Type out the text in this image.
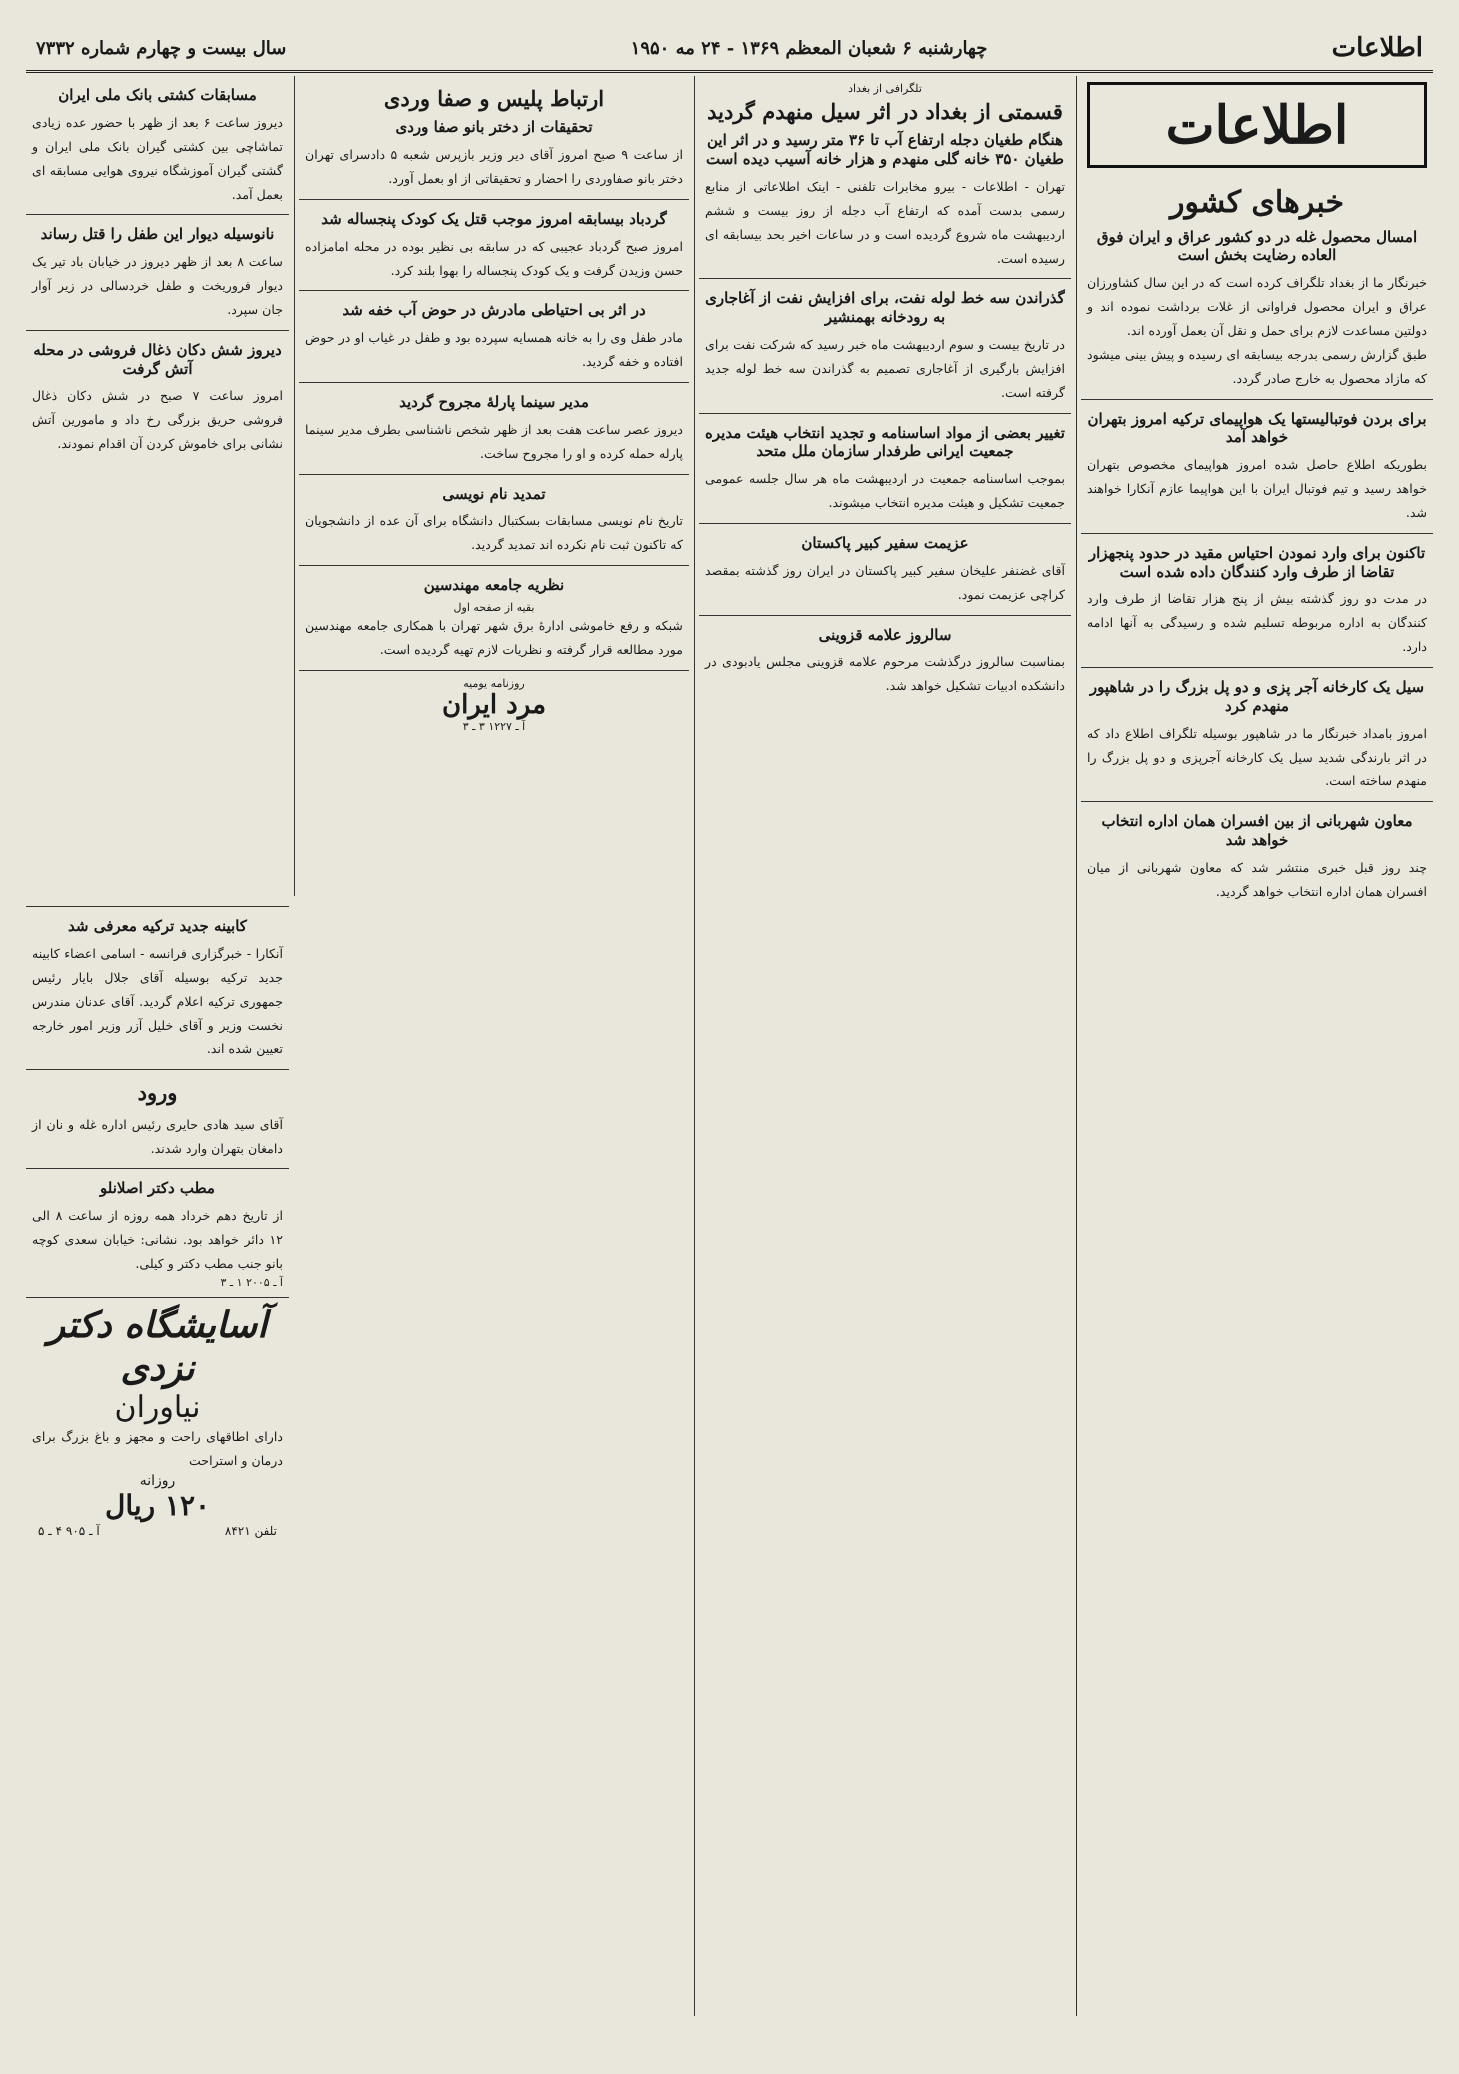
اطلاعات
چهارشنبه ۶ شعبان المعظم ۱۳۶۹ - ۲۴ مه ۱۹۵۰
سال بیست و چهارم شماره ۷۳۳۲
اطلاعات
خبرهای کشور
امسال محصول غله در دو کشور عراق و ایران فوق العاده رضایت بخش است

خبرنگار ما از بغداد تلگراف کرده است که در این سال کشاورزان عراق و ایران محصول فراوانی از غلات برداشت نموده اند و دولتین مساعدت لازم برای حمل و نقل آن بعمل آورده اند.

طبق گزارش رسمی بدرجه بیسابقه ای رسیده و پیش بینی میشود که مازاد محصول به خارج صادر گردد.

برای بردن فوتبالیستها یک هواپیمای ترکیه امروز بتهران خواهد آمد

بطوریکه اطلاع حاصل شده امروز هواپیمای مخصوص بتهران خواهد رسید و تیم فوتبال ایران با این هواپیما عازم آنکارا خواهند شد.

تاکنون برای وارد نمودن احتیاس مقید در حدود پنجهزار تقاضا از طرف وارد کنندگان داده شده است

در مدت دو روز گذشته بیش از پنج هزار تقاضا از طرف وارد کنندگان به اداره مربوطه تسلیم شده و رسیدگی به آنها ادامه دارد.

سیل یک کارخانه آجر پزی و دو پل بزرگ را در شاهپور منهدم کرد

امروز بامداد خبرنگار ما در شاهپور بوسیله تلگراف اطلاع داد که در اثر بارندگی شدید سیل یک کارخانه آجرپزی و دو پل بزرگ را منهدم ساخته است.

معاون شهربانی از بین افسران همان اداره انتخاب خواهد شد

چند روز قبل خبری منتشر شد که معاون شهربانی از میان افسران همان اداره انتخاب خواهد گردید.

تلگرافی از بغداد
قسمتی از بغداد در اثر سیل منهدم گردید
هنگام طغیان دجله ارتفاع آب تا ۳۶ متر رسید و در اثر این طغیان ۳۵۰ خانه گلی منهدم و هزار خانه آسیب دیده است

تهران - اطلاعات - بیرو مخابرات تلفنی - اینک اطلاعاتی از منابع رسمی بدست آمده که ارتفاع آب دجله از روز بیست و ششم اردیبهشت ماه شروع گردیده است و در ساعات اخیر بحد بیسابقه ای رسیده است.

گذراندن سه خط لوله نفت، برای افزایش نفت از آغاجاری به رودخانه بهمنشیر

در تاریخ بیست و سوم اردیبهشت ماه خبر رسید که شرکت نفت برای افزایش بارگیری از آغاجاری تصمیم به گذراندن سه خط لوله جدید گرفته است.

تغییر بعضی از مواد اساسنامه و تجدید انتخاب هیئت مدیره جمعیت ایرانی طرفدار سازمان ملل متحد

بموجب اساسنامه جمعیت در اردیبهشت ماه هر سال جلسه عمومی جمعیت تشکیل و هیئت مدیره انتخاب میشوند.

عزیمت سفیر کبیر پاکستان

آقای غضنفر علیخان سفیر کبیر پاکستان در ایران روز گذشته بمقصد کراچی عزیمت نمود.

سالروز علامه قزوینی

بمناسبت سالروز درگذشت مرحوم علامه قزوینی مجلس یادبودی در دانشکده ادبیات تشکیل خواهد شد.

ارتباط پلیس و صفا وردی
تحقیقات از دختر بانو صفا وردی

از ساعت ۹ صبح امروز آقای دیر وزیر بازپرس شعبه ۵ دادسرای تهران دختر بانو صفاوردی را احضار و تحقیقاتی از او بعمل آورد.

گردباد بیسابقه امروز موجب قتل یک کودک پنجساله شد

امروز صبح گردباد عجیبی که در سابقه بی نظیر بوده در محله امامزاده حسن وزیدن گرفت و یک کودک پنجساله را بهوا بلند کرد.

در اثر بی احتیاطی مادرش در حوض آب خفه شد

مادر طفل وی را به خانه همسایه سپرده بود و طفل در غیاب او در حوض افتاده و خفه گردید.

مدیر سینما پارلهٔ مجروح گردید

دیروز عصر ساعت هفت بعد از ظهر شخص ناشناسی بطرف مدیر سینما پارله حمله کرده و او را مجروح ساخت.

تمدید نام نویسی

تاریخ نام نویسی مسابقات بسکتبال دانشگاه برای آن عده از دانشجویان که تاکنون ثبت نام نکرده اند تمدید گردید.

نظریه جامعه مهندسین
بقیه از صفحه اول

شبکه و رفع خاموشی ادارهٔ برق شهر تهران با همکاری جامعه مهندسین مورد مطالعه قرار گرفته و نظریات لازم تهیه گردیده است.

روزنامه یومیه
مرد ایران
آ ـ ۱۲۲۷ ۳ ـ ۳
مسابقات کشتی بانک ملی ایران

دیروز ساعت ۶ بعد از ظهر با حضور عده زیادی تماشاچی بین کشتی گیران بانک ملی ایران و گشتی گیران آموزشگاه نیروی هوایی مسابقه ای بعمل آمد.

نانوسیله دیوار این طفل را قتل رساند

ساعت ۸ بعد از ظهر دیروز در خیابان باد تیر یک دیوار فروریخت و طفل خردسالی در زیر آوار جان سپرد.

دیروز شش دکان ذغال فروشی در محله آتش گرفت

امروز ساعت ۷ صبح در شش دکان ذغال فروشی حریق بزرگی رخ داد و مامورین آتش نشانی برای خاموش کردن آن اقدام نمودند.

کابینه جدید ترکیه معرفی شد

آنکارا - خبرگزاری فرانسه - اسامی اعضاء کابینه جدید ترکیه بوسیله آقای جلال بایار رئیس جمهوری ترکیه اعلام گردید. آقای عدنان مندرس نخست وزیر و آقای خلیل آزر وزیر امور خارجه تعیین شده اند.

ورود

آقای سید هادی حایری رئیس اداره غله و نان از دامغان بتهران وارد شدند.

مطب دکتر اصلانلو

از تاریخ دهم خرداد همه روزه از ساعت ۸ الی ۱۲ دائر خواهد بود. نشانی: خیابان سعدی کوچه بانو جنب مطب دکتر و کیلی.

آ ـ ۲۰۰۵ ۱ ـ ۳
آسایشگاه دکتر نزدی
نیاوران

دارای اطاقهای راحت و مجهز و باغ بزرگ برای درمان و استراحت

روزانه
۱۲۰ ریال
تلفن ۸۴۲۱
آ ـ ۹۰۵ ۴ ـ ۵
